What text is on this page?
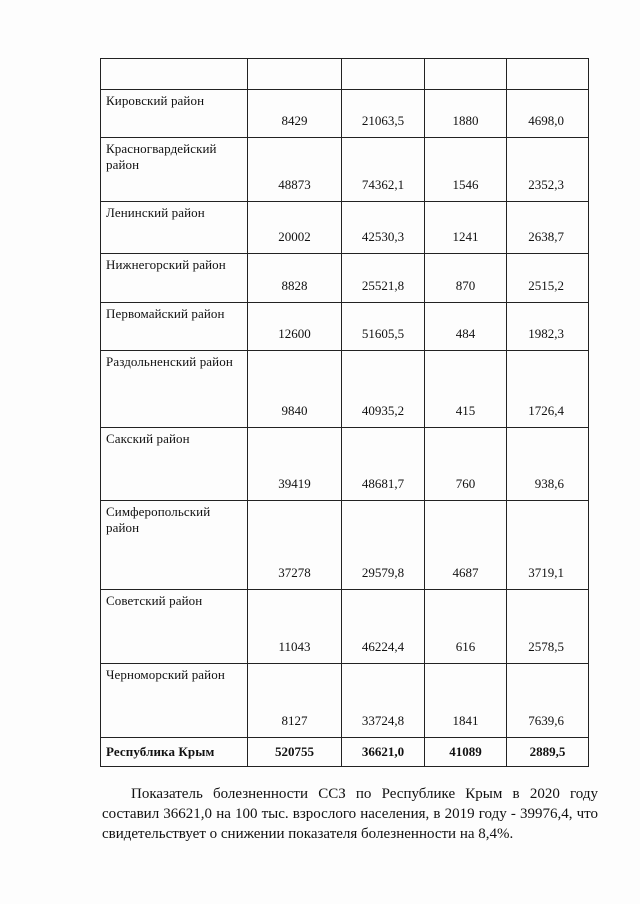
Кировский район	8429	21063,5	1880	4698,0
Красногвардейский район	48873	74362,1	1546	2352,3
Ленинский район	20002	42530,3	1241	2638,7
Нижнегорский район	8828	25521,8	870	2515,2
Первомайский район	12600	51605,5	484	1982,3
Раздольненский район	9840	40935,2	415	1726,4
Сакский район	39419	48681,7	760	938,6
Симферопольский район	37278	29579,8	4687	3719,1
Советский район	11043	46224,4	616	2578,5
Черноморский район	8127	33724,8	1841	7639,6
Республика Крым	520755	36621,0	41089	2889,5

Показатель болезненности ССЗ по Республике Крым в 2020 году
составил 36621,0 на 100 тыс. взрослого населения, в 2019 году - 39976,4, что
свидетельствует о снижении показателя болезненности на 8,4%.
